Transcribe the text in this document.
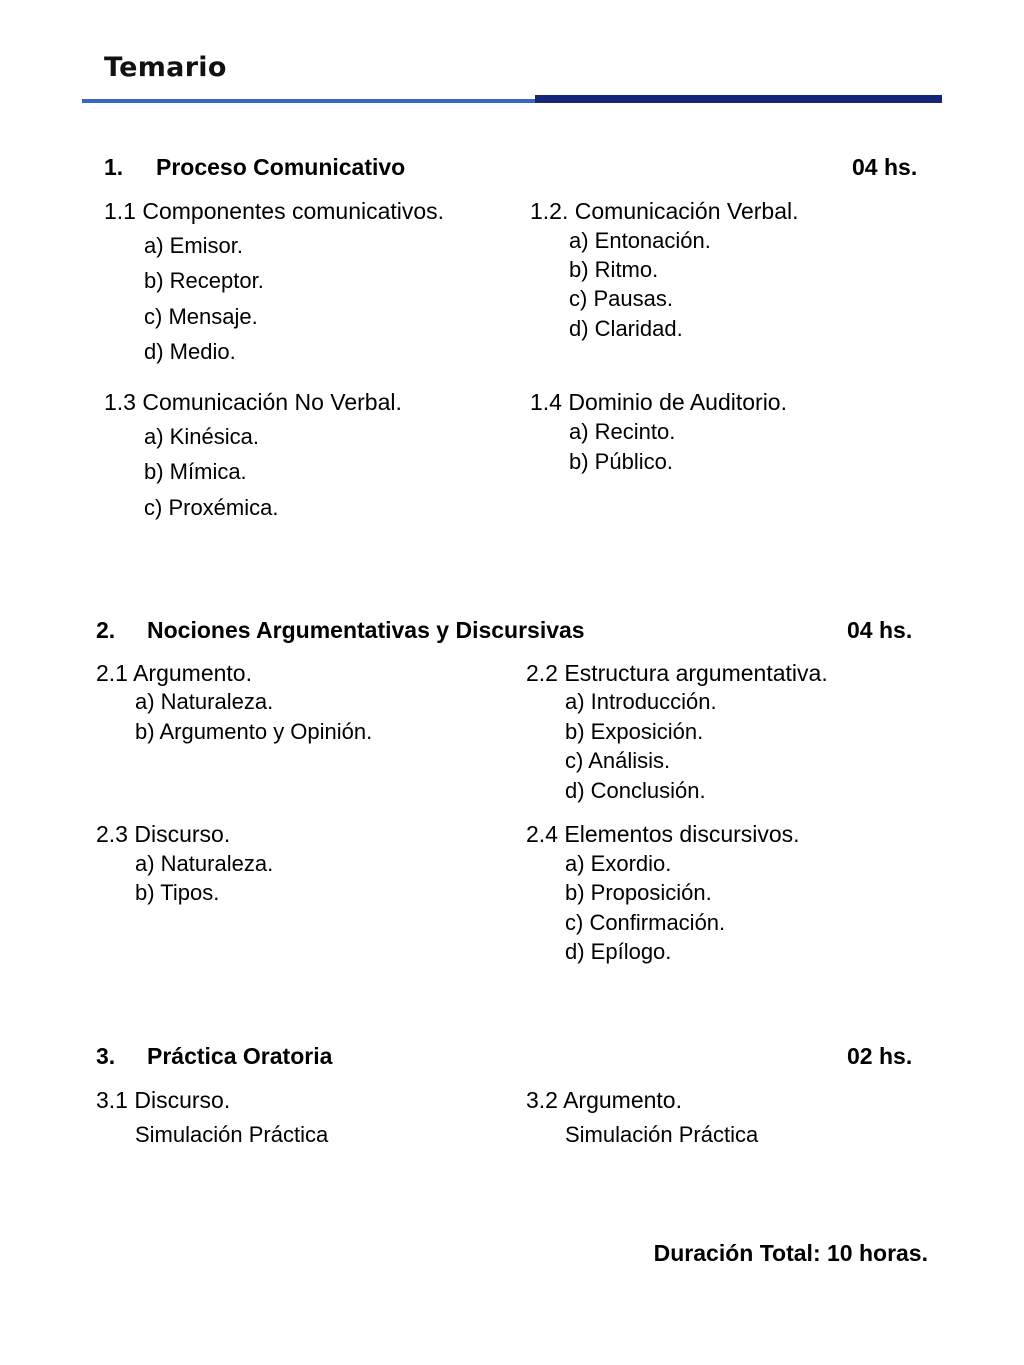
Temario
1. Proceso Comunicativo	04 hs.
1.1 Componentes comunicativos.
a) Emisor.
b) Receptor.
c) Mensaje.
d) Medio.
1.2. Comunicación Verbal.
a) Entonación.
b) Ritmo.
c) Pausas.
d) Claridad.
1.3 Comunicación No Verbal.
a) Kinésica.
b) Mímica.
c) Proxémica.
1.4 Dominio de Auditorio.
a) Recinto.
b) Público.
2. Nociones Argumentativas y Discursivas	04 hs.
2.1 Argumento.
a) Naturaleza.
b) Argumento y Opinión.
2.2 Estructura argumentativa.
a) Introducción.
b) Exposición.
c) Análisis.
d) Conclusión.
2.3 Discurso.
a) Naturaleza.
b) Tipos.
2.4 Elementos discursivos.
a) Exordio.
b) Proposición.
c) Confirmación.
d) Epílogo.
3. Práctica Oratoria	02 hs.
3.1 Discurso.
Simulación Práctica
3.2 Argumento.
Simulación Práctica
Duración Total: 10 horas.
